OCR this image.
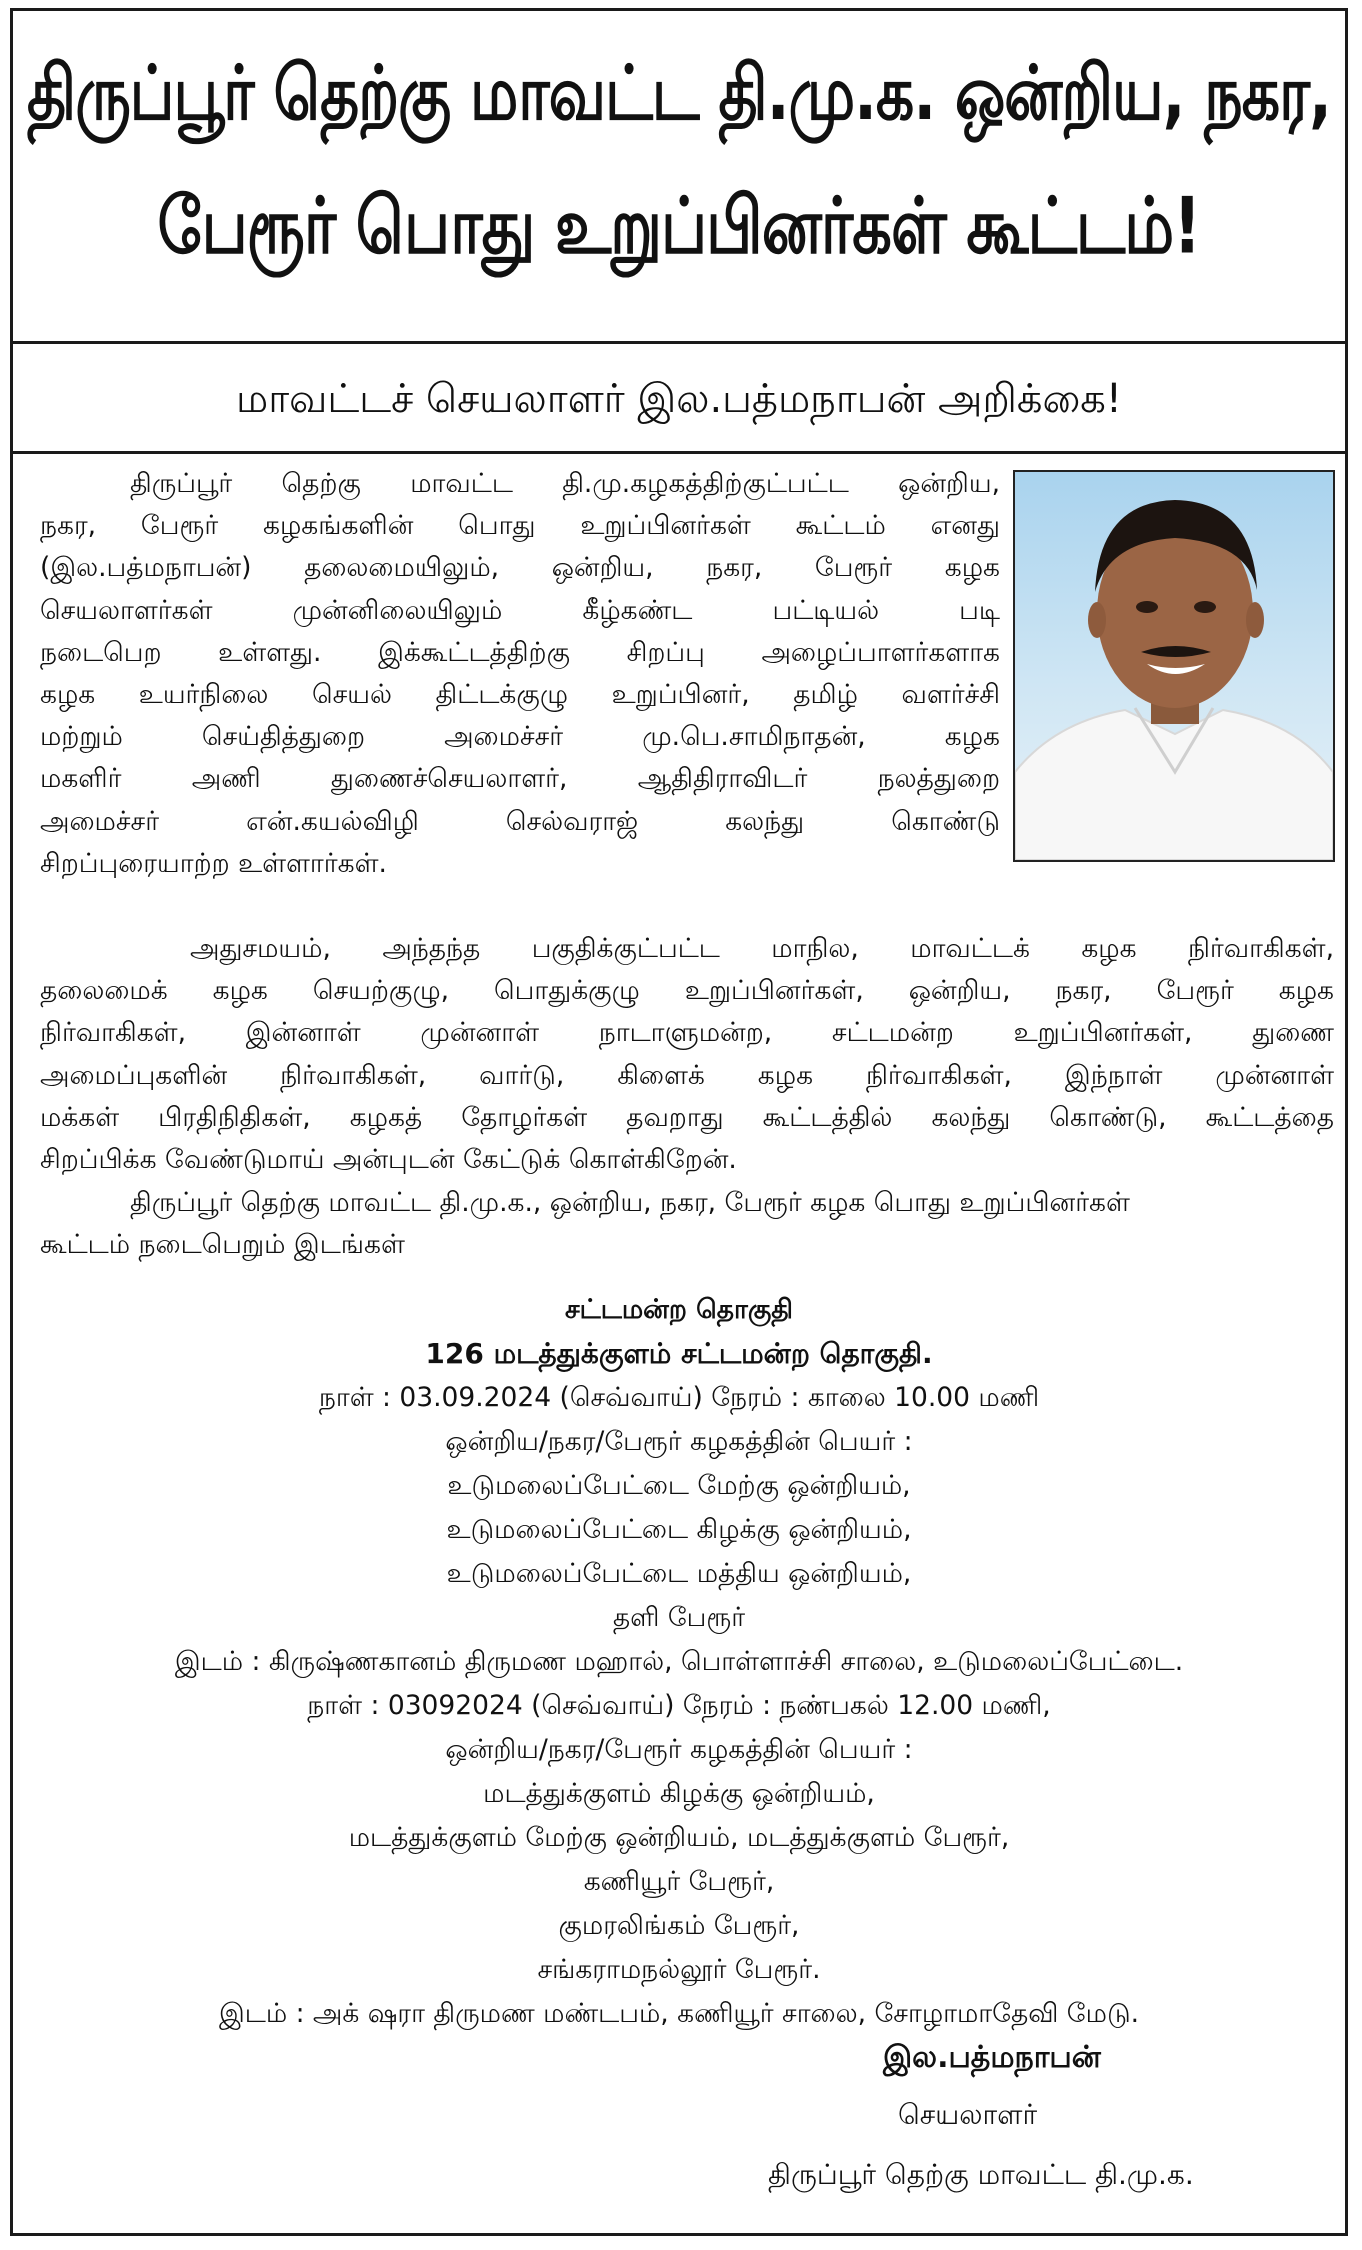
திருப்பூர் தெற்கு மாவட்ட தி.மு.க. ஒன்றிய, நகர,
பேரூர் பொது உறுப்பினர்கள் கூட்டம்!
மாவட்டச் செயலாளர் இல.பத்மநாபன் அறிக்கை!
திருப்பூர் தெற்கு மாவட்ட தி.மு.கழகத்திற்குட்பட்ட ஒன்றிய,
நகர, பேரூர் கழகங்களின் பொது உறுப்பினர்கள் கூட்டம் எனது
(இல.பத்மநாபன்) தலைமையிலும், ஒன்றிய, நகர, பேரூர் கழக
செயலாளர்கள் முன்னிலையிலும் கீழ்கண்ட பட்டியல் படி
நடைபெற உள்ளது. இக்கூட்டத்திற்கு சிறப்பு அழைப்பாளர்களாக
கழக உயர்நிலை செயல் திட்டக்குழு உறுப்பினர், தமிழ் வளர்ச்சி
மற்றும் செய்தித்துறை அமைச்சர் மு.பெ.சாமிநாதன், கழக
மகளிர் அணி துணைச்செயலாளர், ஆதிதிராவிடர் நலத்துறை
அமைச்சர் என்.கயல்விழி செல்வராஜ் கலந்து கொண்டு
சிறப்புரையாற்ற உள்ளார்கள்.
அதுசமயம், அந்தந்த பகுதிக்குட்பட்ட மாநில, மாவட்டக் கழக நிர்வாகிகள்,
தலைமைக் கழக செயற்குழு, பொதுக்குழு உறுப்பினர்கள், ஒன்றிய, நகர, பேரூர் கழக
நிர்வாகிகள், இன்னாள் முன்னாள் நாடாளுமன்ற, சட்டமன்ற உறுப்பினர்கள், துணை
அமைப்புகளின் நிர்வாகிகள், வார்டு, கிளைக் கழக நிர்வாகிகள், இந்நாள் முன்னாள்
மக்கள் பிரதிநிதிகள், கழகத் தோழர்கள் தவறாது கூட்டத்தில் கலந்து கொண்டு, கூட்டத்தை
சிறப்பிக்க வேண்டுமாய் அன்புடன் கேட்டுக் கொள்கிறேன்.
திருப்பூர் தெற்கு மாவட்ட தி.மு.க., ஒன்றிய, நகர, பேரூர் கழக பொது உறுப்பினர்கள்
கூட்டம் நடைபெறும் இடங்கள்
சட்டமன்ற தொகுதி
126 மடத்துக்குளம் சட்டமன்ற தொகுதி.
நாள் : 03.09.2024 (செவ்வாய்) நேரம் : காலை 10.00 மணி
ஒன்றிய/நகர/பேரூர் கழகத்தின் பெயர் :
உடுமலைப்பேட்டை மேற்கு ஒன்றியம்,
உடுமலைப்பேட்டை கிழக்கு ஒன்றியம்,
உடுமலைப்பேட்டை மத்திய ஒன்றியம்,
தளி பேரூர்
இடம் : கிருஷ்ணகானம் திருமண மஹால், பொள்ளாச்சி சாலை, உடுமலைப்பேட்டை.
நாள் : 03092024 (செவ்வாய்) நேரம் : நண்பகல் 12.00 மணி,
ஒன்றிய/நகர/பேரூர் கழகத்தின் பெயர் :
மடத்துக்குளம் கிழக்கு ஒன்றியம்,
மடத்துக்குளம் மேற்கு ஒன்றியம், மடத்துக்குளம் பேரூர்,
கணியூர் பேரூர்,
குமரலிங்கம் பேரூர்,
சங்கராமநல்லூர் பேரூர்.
இடம் : அக் ஷரா திருமண மண்டபம், கணியூர் சாலை, சோழாமாதேவி மேடு.
இல.பத்மநாபன்
செயலாளர்
திருப்பூர் தெற்கு மாவட்ட தி.மு.க.
